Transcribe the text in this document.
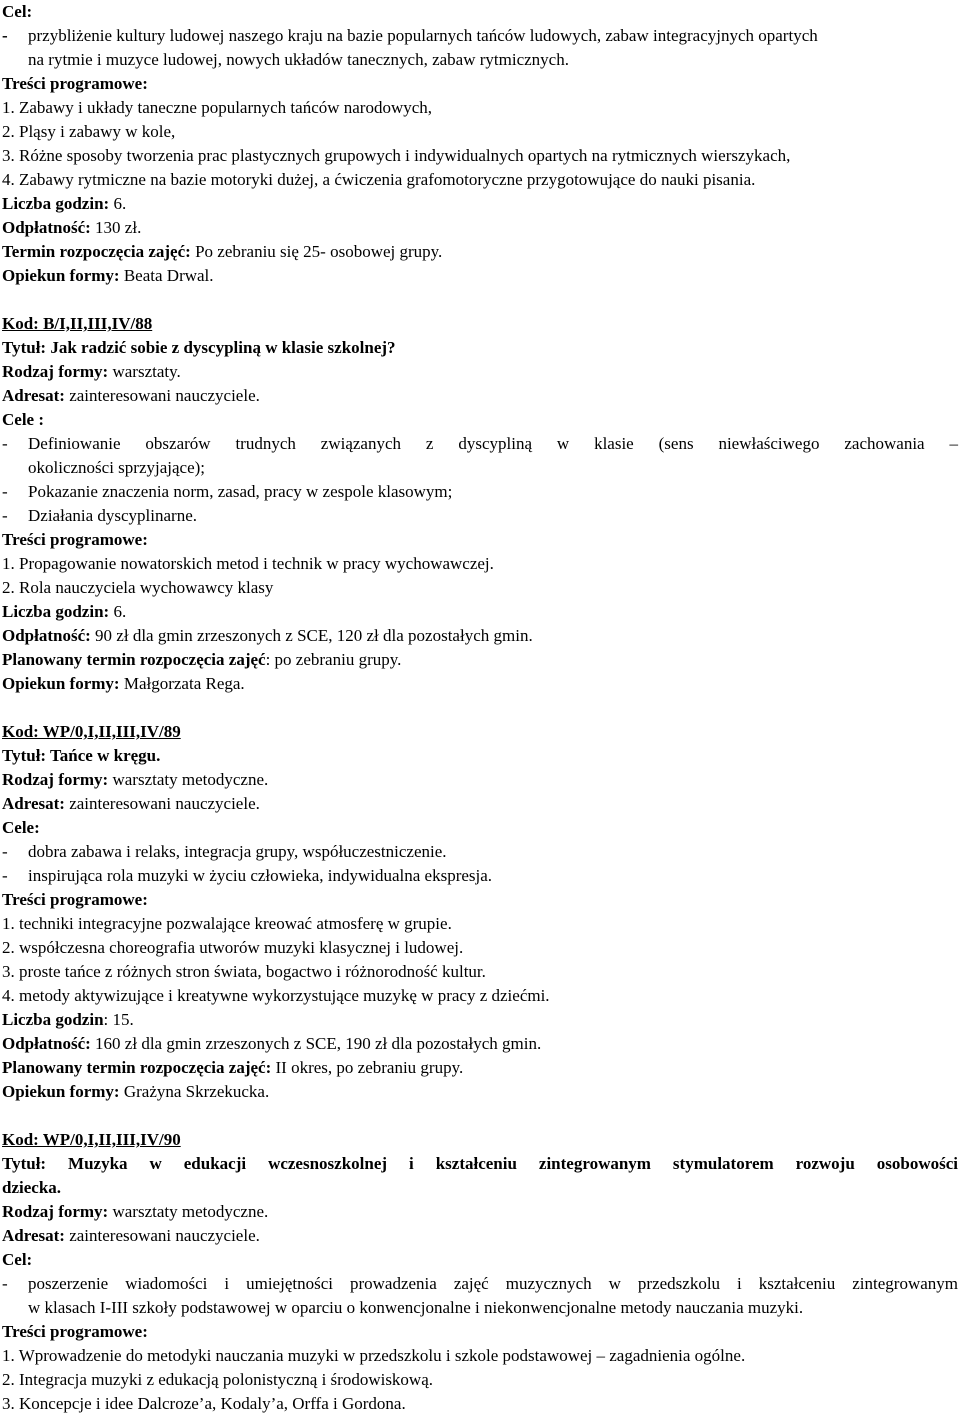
Cel:
-	przybliżenie kultury ludowej naszego kraju na bazie popularnych tańców ludowych, zabaw integracyjnych opartych
na rytmie i muzyce ludowej, nowych układów tanecznych, zabaw rytmicznych.
Treści programowe:
1. Zabawy i układy taneczne popularnych tańców narodowych,
2. Pląsy i zabawy w kole,
3. Różne sposoby tworzenia prac plastycznych grupowych i indywidualnych opartych na rytmicznych wierszykach,
4. Zabawy rytmiczne na bazie motoryki dużej, a ćwiczenia grafomotoryczne przygotowujące do nauki pisania.
Liczba godzin: 6.
Odpłatność: 130 zł.
Termin rozpoczęcia zajęć: Po zebraniu się 25- osobowej grupy.
Opiekun formy: Beata Drwal.
Kod: B/I,II,III,IV/88
Tytuł: Jak radzić sobie z dyscypliną w klasie szkolnej?
Rodzaj formy: warsztaty.
Adresat: zainteresowani nauczyciele.
Cele :
-	Definiowanie obszarów trudnych związanych z dyscypliną w klasie (sens niewłaściwego zachowania –
okoliczności sprzyjające);
-	Pokazanie znaczenia norm, zasad, pracy w zespole klasowym;
-	Działania dyscyplinarne.
Treści programowe:
1. Propagowanie nowatorskich metod i technik w pracy wychowawczej.
2. Rola nauczyciela wychowawcy klasy
Liczba godzin: 6.
Odpłatność: 90 zł dla gmin zrzeszonych z SCE, 120 zł dla pozostałych gmin.
Planowany termin rozpoczęcia zajęć: po zebraniu grupy.
Opiekun formy: Małgorzata Rega.
Kod: WP/0,I,II,III,IV/89
Tytuł: Tańce w kręgu.
Rodzaj formy: warsztaty metodyczne.
Adresat: zainteresowani nauczyciele.
Cele:
-	dobra zabawa i relaks, integracja grupy, współuczestniczenie.
-	inspirująca rola muzyki w życiu człowieka, indywidualna ekspresja.
Treści programowe:
1. techniki integracyjne pozwalające kreować atmosferę w grupie.
2. współczesna choreografia utworów muzyki klasycznej i ludowej.
3. proste tańce z różnych stron świata, bogactwo i różnorodność kultur.
4. metody aktywizujące i kreatywne wykorzystujące muzykę w pracy z dziećmi.
Liczba godzin: 15.
Odpłatność: 160 zł dla gmin zrzeszonych z SCE, 190 zł dla pozostałych gmin.
Planowany termin rozpoczęcia zajęć: II okres, po zebraniu grupy.
Opiekun formy: Grażyna Skrzekucka.
Kod: WP/0,I,II,III,IV/90
Tytuł: Muzyka w edukacji wczesnoszkolnej i kształceniu zintegrowanym stymulatorem rozwoju osobowości
dziecka.
Rodzaj formy: warsztaty metodyczne.
Adresat: zainteresowani nauczyciele.
Cel:
-	poszerzenie wiadomości i umiejętności prowadzenia zajęć muzycznych w przedszkolu i kształceniu zintegrowanym
w klasach I-III szkoły podstawowej w oparciu o konwencjonalne i niekonwencjonalne metody nauczania muzyki.
Treści programowe:
1. Wprowadzenie do metodyki nauczania muzyki w przedszkolu i szkole podstawowej – zagadnienia ogólne.
2. Integracja muzyki z edukacją polonistyczną i środowiskową.
3. Koncepcje i idee Dalcroze’a, Kodaly’a, Orffa i Gordona.
